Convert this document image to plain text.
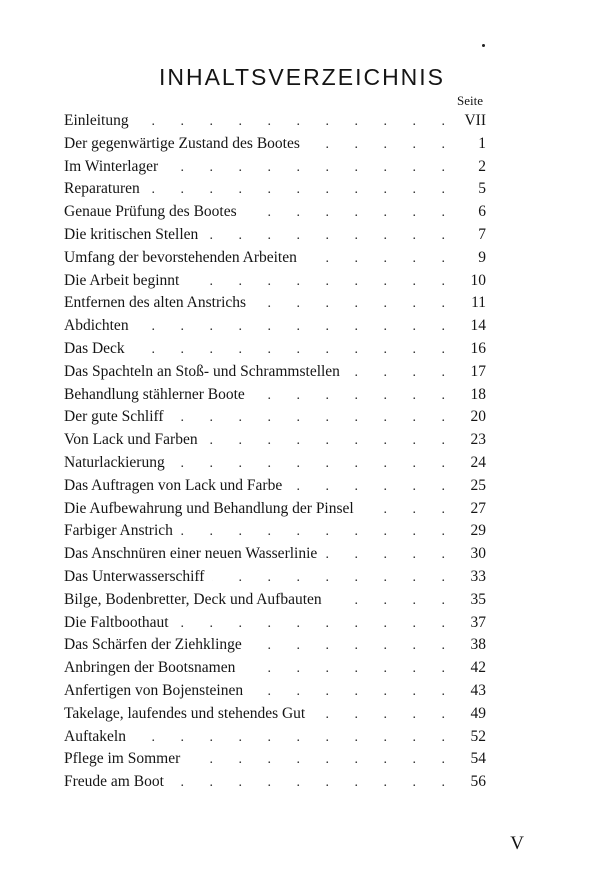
INHALTSVERZEICHNIS
Seite
Einleitung . . .	VII
Der gegenwärtige Zustand des Bootes . . .	1
Im Winterlager . . .	2
Reparaturen . . .	5
Genaue Prüfung des Bootes . . .	6
Die kritischen Stellen . . .	7
Umfang der bevorstehenden Arbeiten . . .	9
Die Arbeit beginnt . . .	10
Entfernen des alten Anstrichs . . .	11
Abdichten . . .	14
Das Deck . . .	16
Das Spachteln an Stoß- und Schrammstellen . . .	17
Behandlung stählerner Boote . . .	18
Der gute Schliff . . .	20
Von Lack und Farben . . .	23
Naturlackierung . . .	24
Das Auftragen von Lack und Farbe . . .	25
Die Aufbewahrung und Behandlung der Pinsel . . .	27
Farbiger Anstrich . . .	29
Das Anschnüren einer neuen Wasserlinie . . .	30
Das Unterwasserschiff . . .	33
Bilge, Bodenbretter, Deck und Aufbauten . . .	35
Die Faltboothaut . . .	37
Das Schärfen der Ziehklinge . . .	38
Anbringen der Bootsnamen . . .	42
Anfertigen von Bojensteinen . . .	43
Takelage, laufendes und stehendes Gut . . .	49
Auftakeln . . .	52
Pflege im Sommer . . .	54
Freude am Boot . . .	56
V
